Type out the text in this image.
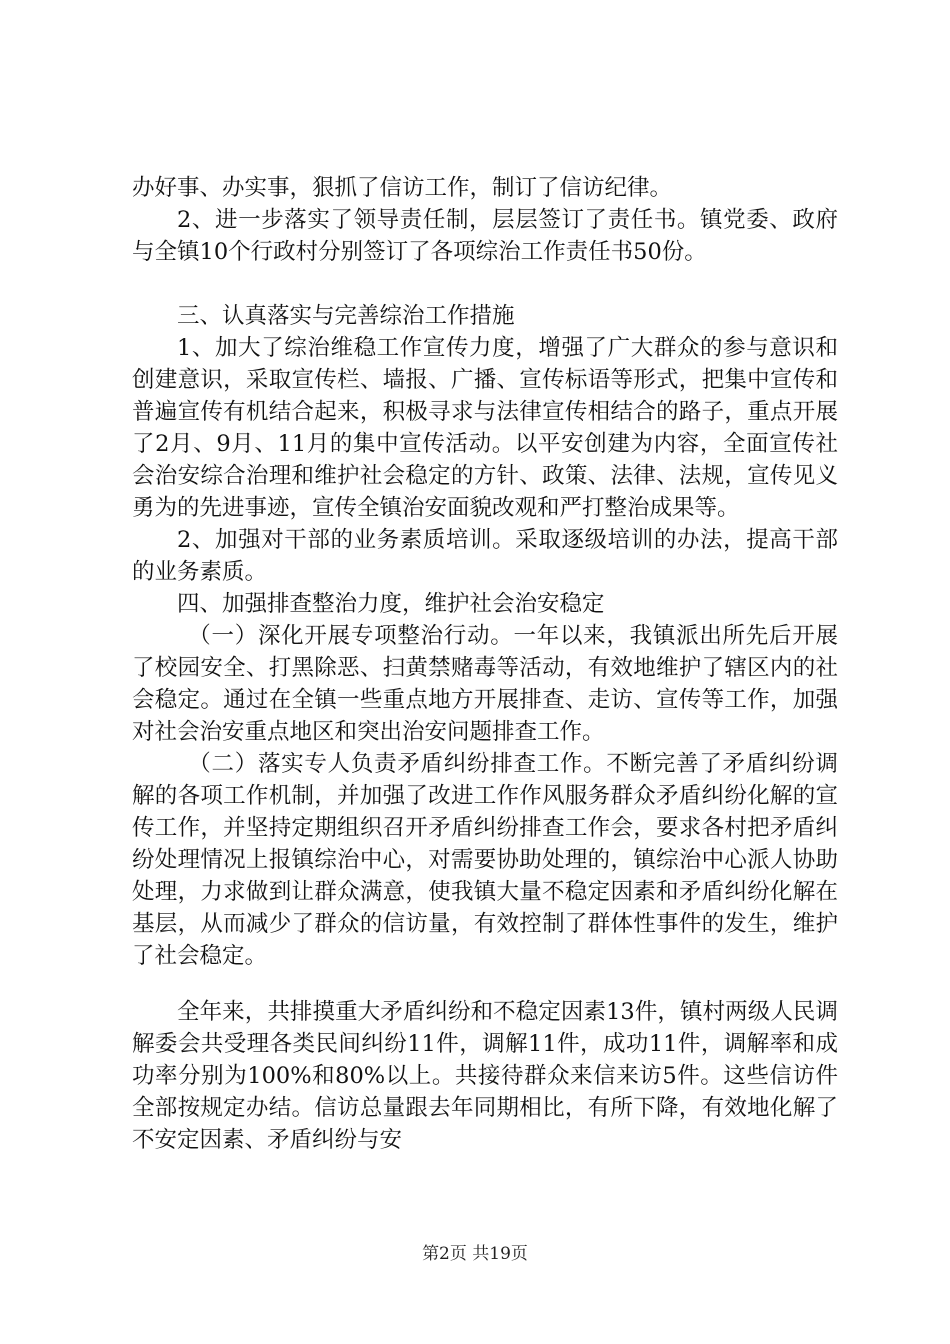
办好事、办实事，狠抓了信访工作，制订了信访纪律。

2、进一步落实了领导责任制，层层签订了责任书。镇党委、政府与全镇10个行政村分别签订了各项综治工作责任书50份。

三、认真落实与完善综治工作措施

1、加大了综治维稳工作宣传力度，增强了广大群众的参与意识和创建意识，采取宣传栏、墙报、广播、宣传标语等形式，把集中宣传和普遍宣传有机结合起来，积极寻求与法律宣传相结合的路子，重点开展了2月、9月、11月的集中宣传活动。以平安创建为内容，全面宣传社会治安综合治理和维护社会稳定的方针、政策、法律、法规，宣传见义勇为的先进事迹，宣传全镇治安面貌改观和严打整治成果等。

2、加强对干部的业务素质培训。采取逐级培训的办法，提高干部的业务素质。

四、加强排查整治力度，维护社会治安稳定

（一）深化开展专项整治行动。一年以来，我镇派出所先后开展了校园安全、打黑除恶、扫黄禁赌毒等活动，有效地维护了辖区内的社会稳定。通过在全镇一些重点地方开展排查、走访、宣传等工作，加强对社会治安重点地区和突出治安问题排查工作。

（二）落实专人负责矛盾纠纷排查工作。不断完善了矛盾纠纷调解的各项工作机制，并加强了改进工作作风服务群众矛盾纠纷化解的宣传工作，并坚持定期组织召开矛盾纠纷排查工作会，要求各村把矛盾纠纷处理情况上报镇综治中心，对需要协助处理的，镇综治中心派人协助处理，力求做到让群众满意，使我镇大量不稳定因素和矛盾纠纷化解在基层，从而减少了群众的信访量，有效控制了群体性事件的发生，维护了社会稳定。

全年来，共排摸重大矛盾纠纷和不稳定因素13件，镇村两级人民调解委会共受理各类民间纠纷11件，调解11件，成功11件，调解率和成功率分别为100%和80%以上。共接待群众来信来访5件。这些信访件全部按规定办结。信访总量跟去年同期相比，有所下降，有效地化解了不安定因素、矛盾纠纷与安

第2页 共19页
